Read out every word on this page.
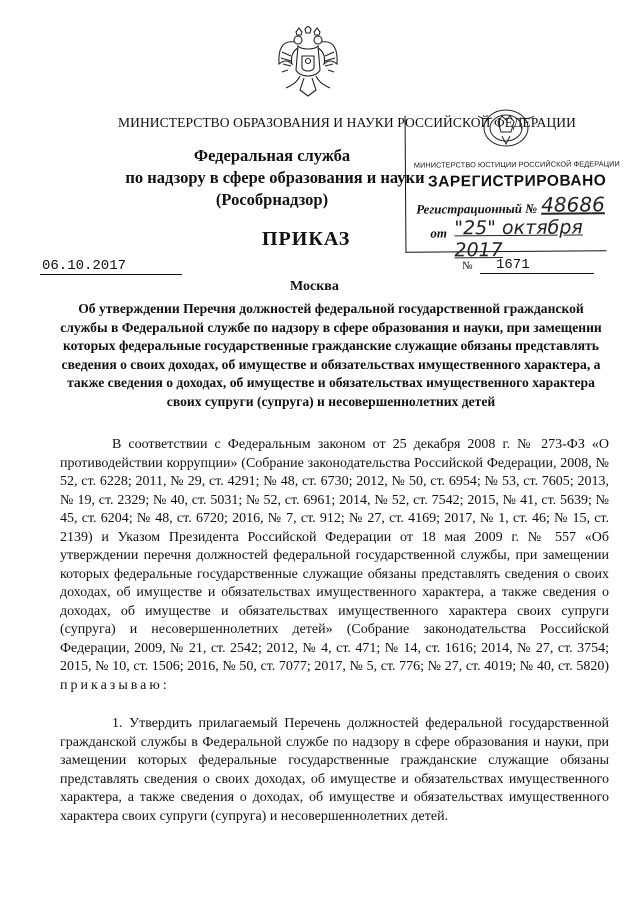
МИНИСТЕРСТВО ОБРАЗОВАНИЯ И НАУКИ РОССИЙСКОЙ ФЕДЕРАЦИИ
Федеральная служба
по надзору в сфере образования и науки
(Рособрнадзор)
МИНИСТЕРСТВО ЮСТИЦИИ РОССИЙСКОЙ ФЕДЕРАЦИИ
ЗАРЕГИСТРИРОВАНО
Регистрационный № 48686
от "25" октября 2017
ПРИКАЗ
06.10.2017	№	1671
Москва
Об утверждении Перечня должностей федеральной государственной гражданской службы в Федеральной службе по надзору в сфере образования и науки, при замещении которых федеральные государственные гражданские служащие обязаны представлять сведения о своих доходах, об имуществе и обязательствах имущественного характера, а также сведения о доходах, об имуществе и обязательствах имущественного характера своих супруги (супруга) и несовершеннолетних детей
В соответствии с Федеральным законом от 25 декабря 2008 г. № 273-ФЗ «О противодействии коррупции» (Собрание законодательства Российской Федерации, 2008, № 52, ст. 6228; 2011, № 29, ст. 4291; № 48, ст. 6730; 2012, № 50, ст. 6954; № 53, ст. 7605; 2013, № 19, ст. 2329; № 40, ст. 5031; № 52, ст. 6961; 2014, № 52, ст. 7542; 2015, № 41, ст. 5639; № 45, ст. 6204; № 48, ст. 6720; 2016, № 7, ст. 912; № 27, ст. 4169; 2017, № 1, ст. 46; № 15, ст. 2139) и Указом Президента Российской Федерации от 18 мая 2009 г. № 557 «Об утверждении перечня должностей федеральной государственной службы, при замещении которых федеральные государственные служащие обязаны представлять сведения о своих доходах, об имуществе и обязательствах имущественного характера, а также сведения о доходах, об имуществе и обязательствах имущественного характера своих супруги (супруга) и несовершеннолетних детей» (Собрание законодательства Российской Федерации, 2009, № 21, ст. 2542; 2012, № 4, ст. 471; № 14, ст. 1616; 2014, № 27, ст. 3754; 2015, № 10, ст. 1506; 2016, № 50, ст. 7077; 2017, № 5, ст. 776; № 27, ст. 4019; № 40, ст. 5820) приказываю:
1. Утвердить прилагаемый Перечень должностей федеральной государственной гражданской службы в Федеральной службе по надзору в сфере образования и науки, при замещении которых федеральные государственные гражданские служащие обязаны представлять сведения о своих доходах, об имуществе и обязательствах имущественного характера, а также сведения о доходах, об имуществе и обязательствах имущественного характера своих супруги (супруга) и несовершеннолетних детей.
